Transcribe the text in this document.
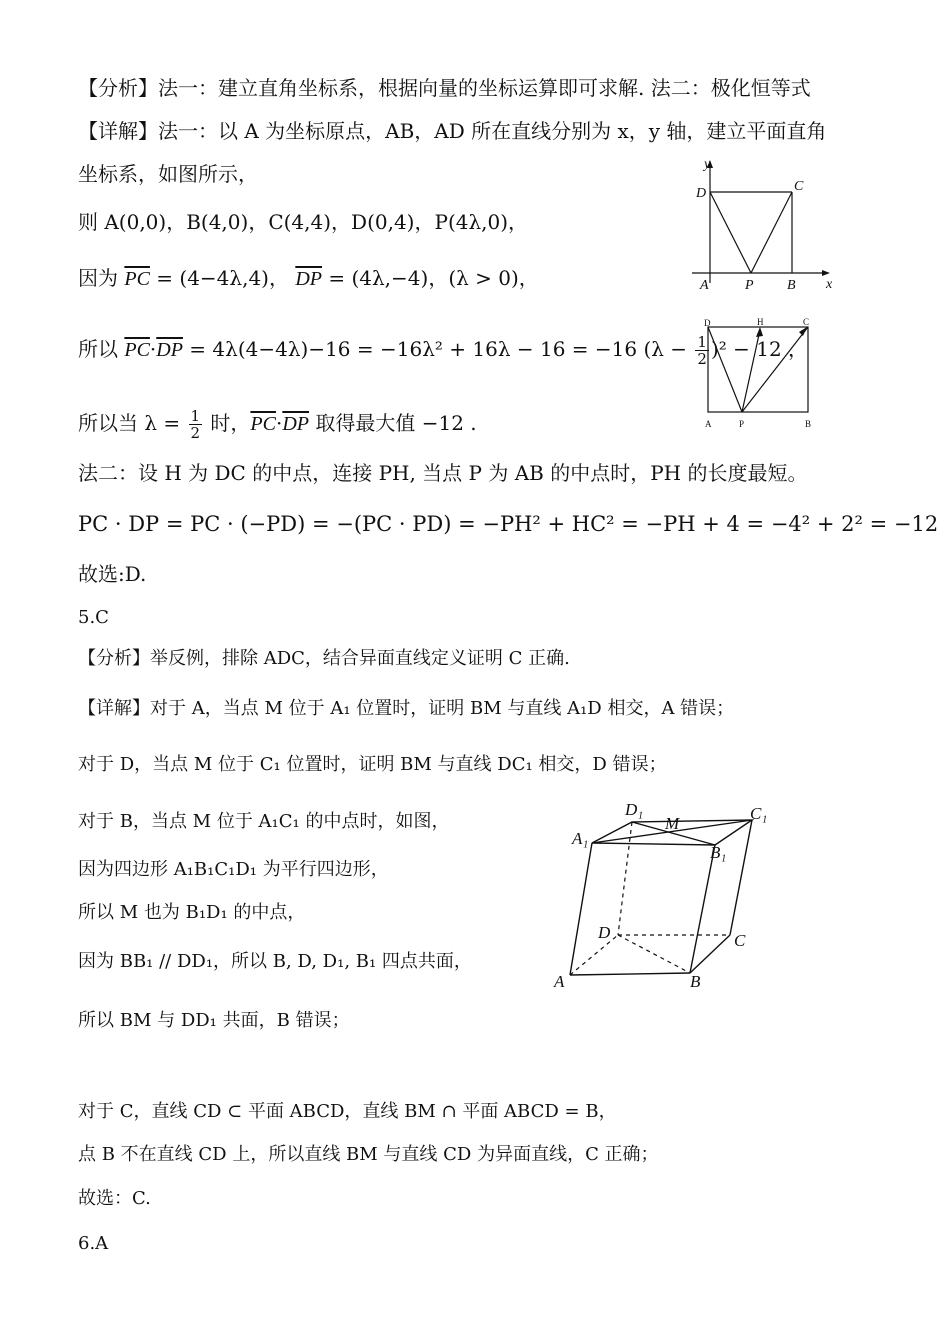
【分析】法一：建立直角坐标系，根据向量的坐标运算即可求解. 法二：极化恒等式
【详解】法一：以 A 为坐标原点，AB，AD 所在直线分别为 x，y 轴，建立平面直角
坐标系，如图所示，
则 A(0,0)，B(4,0)，C(4,4)，D(0,4)，P(4λ,0)，
因为 $\overline{PC} = (4-4\lambda,4)$， $\overline{DP} = (4\lambda,-4)$，(λ > 0)，
所以 $\overline{PC}\cdot\overline{DP} = 4\lambda(4-4\lambda)-16 = -16\lambda^2 + 16\lambda - 16 = -16$ $(\lambda - \frac{1}{2} )^2 - 12$ ，
所以当 $\lambda = \frac{1}{2}$ 时，$\overline{PC}\cdot\overline{DP}$ 取得最大值 −12 .
法二：设 H 为 DC 的中点，连接 PH, 当点 P 为 AB 的中点时，PH 的长度最短。
PC · DP = PC · (−PD) = −(PC · PD) = −PH² + HC² = −PH + 4 = −4² + 2² = −12
故选:D.
5.C
【分析】举反例，排除 ADC，结合异面直线定义证明 C 正确.
【详解】对于 A，当点 M 位于 A₁ 位置时，证明 BM 与直线 A₁D 相交，A 错误；
对于 D，当点 M 位于 C₁ 位置时，证明 BM 与直线 DC₁ 相交，D 错误；
对于 B，当点 M 位于 A₁C₁ 的中点时，如图，
因为四边形 A₁B₁C₁D₁ 为平行四边形，
所以 M 也为 B₁D₁ 的中点，
因为 BB₁ // DD₁，所以 B, D, D₁, B₁ 四点共面，
所以 BM 与 DD₁ 共面，B 错误；
对于 C，直线 CD ⊂ 平面 ABCD，直线 BM ∩ 平面 ABCD = B，
点 B 不在直线 CD 上，所以直线 BM 与直线 CD 为异面直线，C 正确；
故选：C.
6.A
y
x
D	C
A	P B
D	H	C
A	P	B
D₁
M
C₁
A₁
B₁
D	C
A	B
